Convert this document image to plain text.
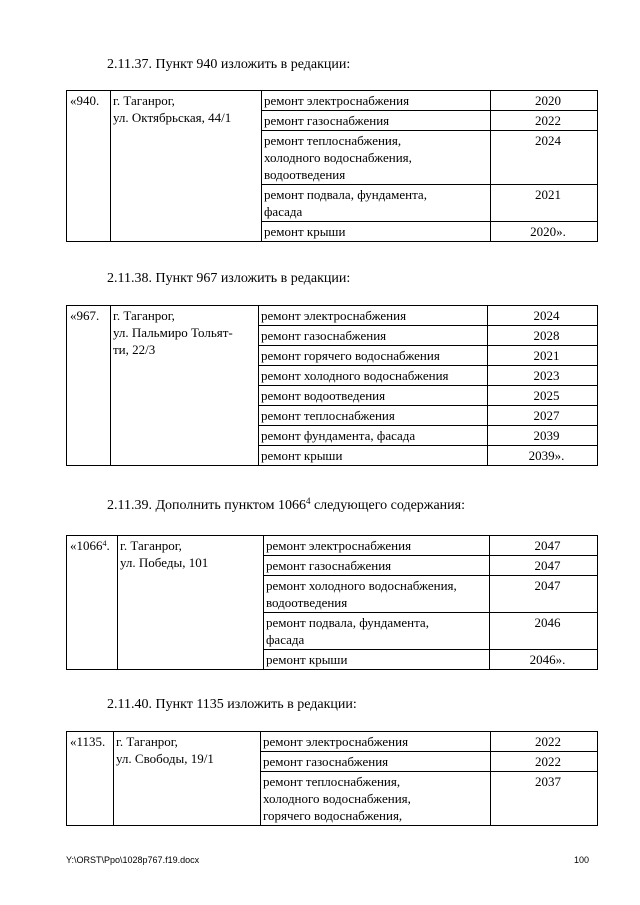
2.11.37. Пункт 940 изложить в редакции:
«940.	г. Таганрог,
ул. Октябрьская, 44/1	ремонт электроснабжения	2020
		ремонт газоснабжения	2022
		ремонт теплоснабжения,
холодного водоснабжения,
водоотведения	2024
		ремонт подвала, фундамента,
фасада	2021
		ремонт крыши	2020».
2.11.38. Пункт 967 изложить в редакции:
«967.	г. Таганрог,
ул. Пальмиро Тольят-
ти, 22/3	ремонт электроснабжения	2024
		ремонт газоснабжения	2028
		ремонт горячего водоснабжения	2021
		ремонт холодного водоснабжения	2023
		ремонт водоотведения	2025
		ремонт теплоснабжения	2027
		ремонт фундамента, фасада	2039
		ремонт крыши	2039».
2.11.39. Дополнить пунктом 1066$^4$ следующего содержания:
«1066$^4$.	г. Таганрог,
ул. Победы, 101	ремонт электроснабжения	2047
		ремонт газоснабжения	2047
		ремонт холодного водоснабжения,
водоотведения	2047
		ремонт подвала, фундамента,
фасада	2046
		ремонт крыши	2046».
2.11.40. Пункт 1135 изложить в редакции:
«1135.	г. Таганрог,
ул. Свободы, 19/1	ремонт электроснабжения	2022
		ремонт газоснабжения	2022
		ремонт теплоснабжения,
холодного водоснабжения,
горячего водоснабжения,	2037
Y:\ORST\Ppo\1028p767.f19.docx	100
